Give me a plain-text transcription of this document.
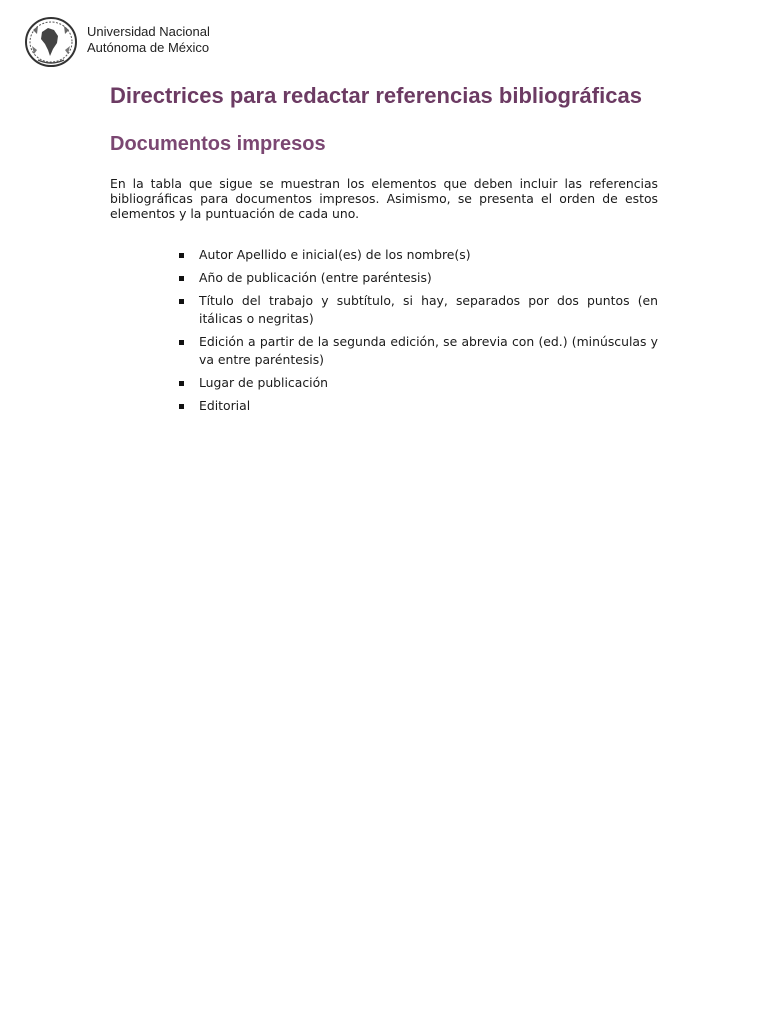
Universidad Nacional
Autónoma de México
Directrices para redactar referencias bibliográficas
Documentos impresos

En la tabla que sigue se muestran los elementos que deben incluir las referencias bibliográficas para documentos impresos. Asimismo, se presenta el orden de estos elementos y la puntuación de cada uno.

Autor Apellido e inicial(es) de los nombre(s)
Año de publicación (entre paréntesis)
Título del trabajo y subtítulo, si hay, separados por dos puntos (en itálicas o negritas)
Edición a partir de la segunda edición, se abrevia con (ed.) (minúsculas y va entre paréntesis)
Lugar de publicación
Editorial
